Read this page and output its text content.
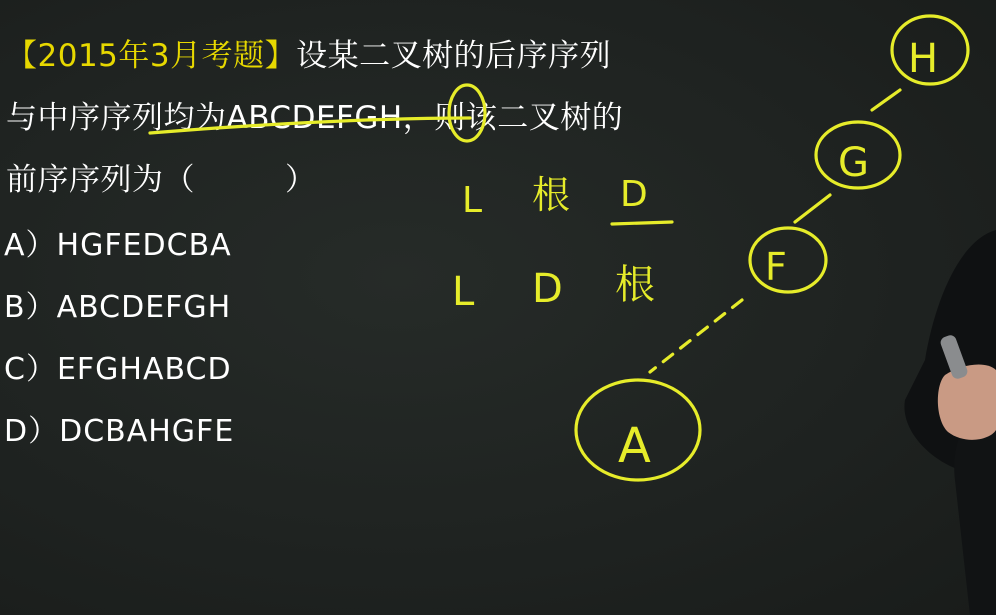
【2015年3月考题】设某二叉树的后序序列
与中序序列均为ABCDEFGH，则该二叉树的
前序序列为（	）
A）HGFEDCBA
B）ABCDEFGH
C）EFGHABCD
D）DCBAHGFE
H
G
F
A
L 根 D
L D 根
